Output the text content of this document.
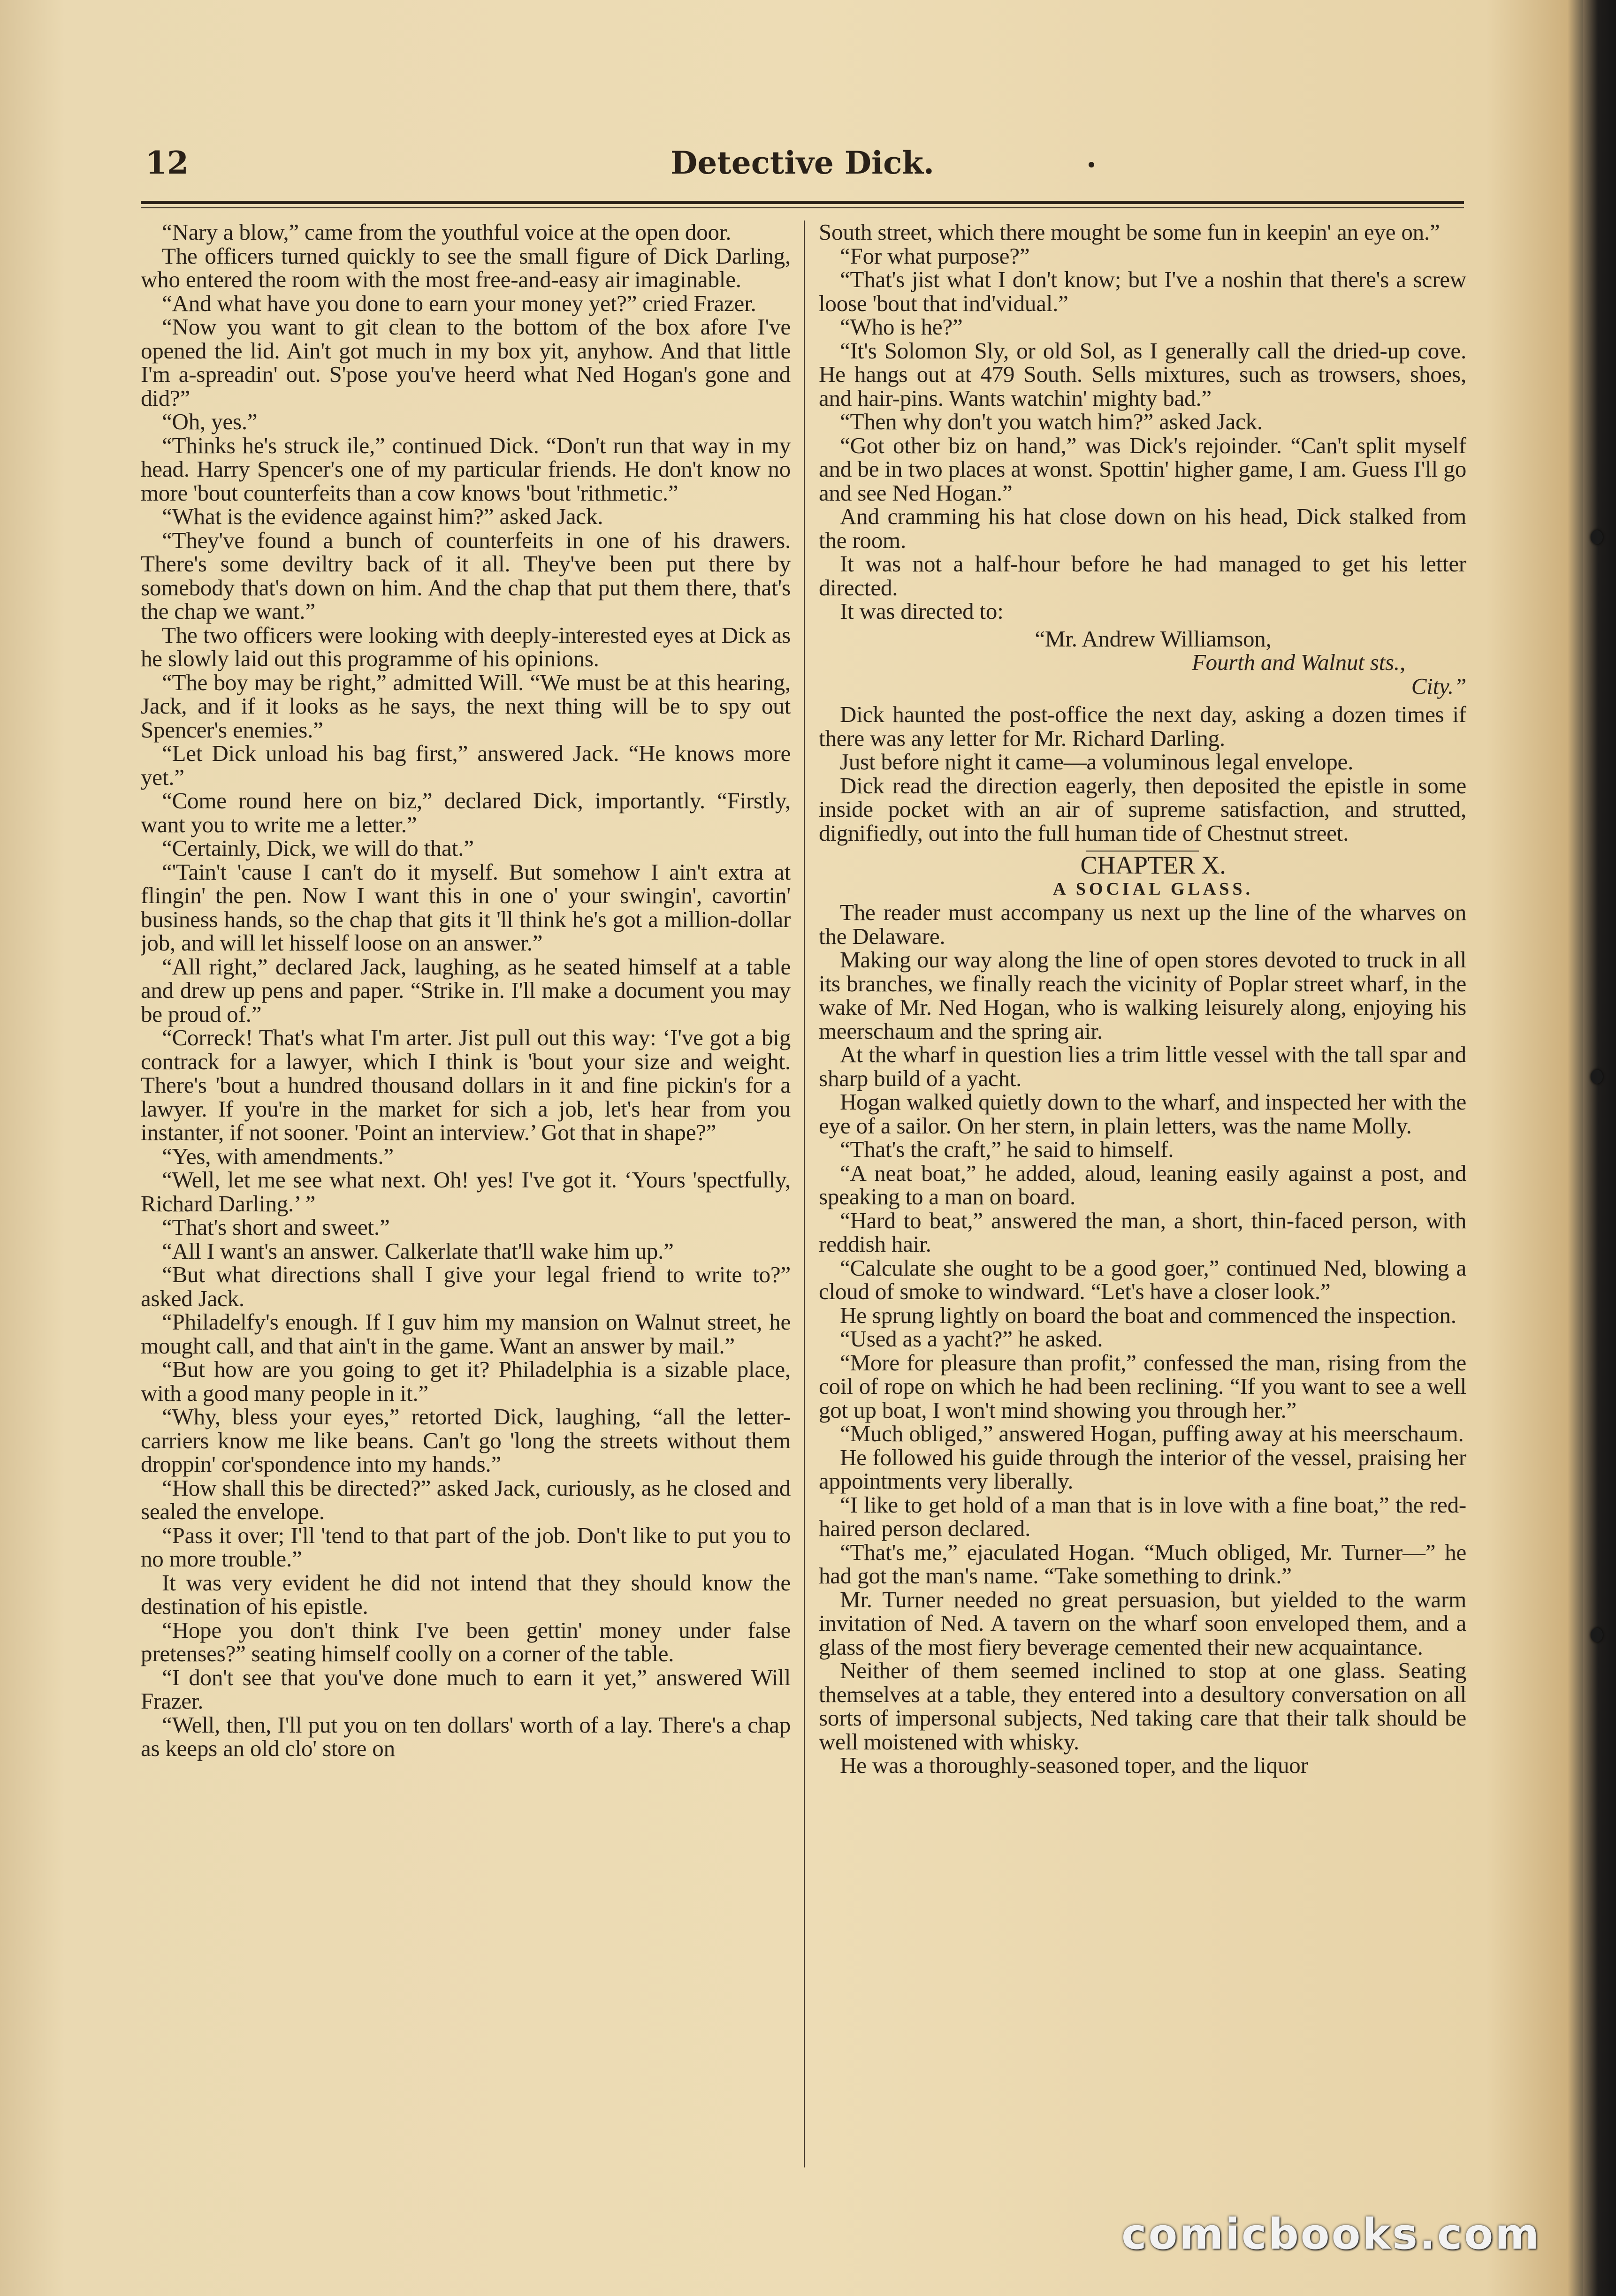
12	Detective Dick.

“Nary a blow,” came from the youthful voice at the open door.

The officers turned quickly to see the small figure of Dick Darling, who entered the room with the most free-and-easy air imaginable.

“And what have you done to earn your money yet?” cried Frazer.

“Now you want to git clean to the bottom of the box afore I've opened the lid. Ain't got much in my box yit, anyhow. And that little I'm a-spreadin' out. S'pose you've heerd what Ned Hogan's gone and did?”

“Oh, yes.”

“Thinks he's struck ile,” continued Dick. “Don't run that way in my head. Harry Spencer's one of my particular friends. He don't know no more 'bout counterfeits than a cow knows 'bout 'rithmetic.”

“What is the evidence against him?” asked Jack.

“They've found a bunch of counterfeits in one of his drawers. There's some deviltry back of it all. They've been put there by somebody that's down on him. And the chap that put them there, that's the chap we want.”

The two officers were looking with deeply-interested eyes at Dick as he slowly laid out this programme of his opinions.

“The boy may be right,” admitted Will. “We must be at this hearing, Jack, and if it looks as he says, the next thing will be to spy out Spencer's enemies.”

“Let Dick unload his bag first,” answered Jack. “He knows more yet.”

“Come round here on biz,” declared Dick, importantly. “Firstly, want you to write me a letter.”

“Certainly, Dick, we will do that.”

“'Tain't 'cause I can't do it myself. But somehow I ain't extra at flingin' the pen. Now I want this in one o' your swingin', cavortin' business hands, so the chap that gits it 'll think he's got a million-dollar job, and will let hisself loose on an answer.”

“All right,” declared Jack, laughing, as he seated himself at a table and drew up pens and paper. “Strike in. I'll make a document you may be proud of.”

“Correck! That's what I'm arter. Jist pull out this way: ‘I've got a big contrack for a lawyer, which I think is 'bout your size and weight. There's 'bout a hundred thousand dollars in it and fine pickin's for a lawyer. If you're in the market for sich a job, let's hear from you instanter, if not sooner. 'Point an interview.’ Got that in shape?”

“Yes, with amendments.”

“Well, let me see what next. Oh! yes! I've got it. ‘Yours 'spectfully, Richard Darling.’ ”

“That's short and sweet.”

“All I want's an answer. Calkerlate that'll wake him up.”

“But what directions shall I give your legal friend to write to?” asked Jack.

“Philadelfy's enough. If I guv him my mansion on Walnut street, he mought call, and that ain't in the game. Want an answer by mail.”

“But how are you going to get it? Philadelphia is a sizable place, with a good many people in it.”

“Why, bless your eyes,” retorted Dick, laughing, “all the letter-carriers know me like beans. Can't go 'long the streets without them droppin' cor'spondence into my hands.”

“How shall this be directed?” asked Jack, curiously, as he closed and sealed the envelope.

“Pass it over; I'll 'tend to that part of the job. Don't like to put you to no more trouble.”

It was very evident he did not intend that they should know the destination of his epistle.

“Hope you don't think I've been gettin' money under false pretenses?” seating himself coolly on a corner of the table.

“I don't see that you've done much to earn it yet,” answered Will Frazer.

“Well, then, I'll put you on ten dollars' worth of a lay. There's a chap as keeps an old clo' store on

South street, which there mought be some fun in keepin' an eye on.”

“For what purpose?”

“That's jist what I don't know; but I've a noshin that there's a screw loose 'bout that ind'vidual.”

“Who is he?”

“It's Solomon Sly, or old Sol, as I generally call the dried-up cove. He hangs out at 479 South. Sells mixtures, such as trowsers, shoes, and hair-pins. Wants watchin' mighty bad.”

“Then why don't you watch him?” asked Jack.

“Got other biz on hand,” was Dick's rejoinder. “Can't split myself and be in two places at wonst. Spottin' higher game, I am. Guess I'll go and see Ned Hogan.”

And cramming his hat close down on his head, Dick stalked from the room.

It was not a half-hour before he had managed to get his letter directed.

It was directed to:

“Mr. Andrew Williamson,

Fourth and Walnut sts.,

City.”

Dick haunted the post-office the next day, asking a dozen times if there was any letter for Mr. Richard Darling.

Just before night it came—a voluminous legal envelope.

Dick read the direction eagerly, then deposited the epistle in some inside pocket with an air of supreme satisfaction, and strutted, dignifiedly, out into the full human tide of Chestnut street.

CHAPTER X.

A SOCIAL GLASS.

The reader must accompany us next up the line of the wharves on the Delaware.

Making our way along the line of open stores devoted to truck in all its branches, we finally reach the vicinity of Poplar street wharf, in the wake of Mr. Ned Hogan, who is walking leisurely along, enjoying his meerschaum and the spring air.

At the wharf in question lies a trim little vessel with the tall spar and sharp build of a yacht.

Hogan walked quietly down to the wharf, and inspected her with the eye of a sailor. On her stern, in plain letters, was the name Molly.

“That's the craft,” he said to himself.

“A neat boat,” he added, aloud, leaning easily against a post, and speaking to a man on board.

“Hard to beat,” answered the man, a short, thin-faced person, with reddish hair.

“Calculate she ought to be a good goer,” continued Ned, blowing a cloud of smoke to windward. “Let's have a closer look.”

He sprung lightly on board the boat and commenced the inspection.

“Used as a yacht?” he asked.

“More for pleasure than profit,” confessed the man, rising from the coil of rope on which he had been reclining. “If you want to see a well got up boat, I won't mind showing you through her.”

“Much obliged,” answered Hogan, puffing away at his meerschaum.

He followed his guide through the interior of the vessel, praising her appointments very liberally.

“I like to get hold of a man that is in love with a fine boat,” the red-haired person declared.

“That's me,” ejaculated Hogan. “Much obliged, Mr. Turner—” he had got the man's name. “Take something to drink.”

Mr. Turner needed no great persuasion, but yielded to the warm invitation of Ned. A tavern on the wharf soon enveloped them, and a glass of the most fiery beverage cemented their new acquaintance.

Neither of them seemed inclined to stop at one glass. Seating themselves at a table, they entered into a desultory conversation on all sorts of impersonal subjects, Ned taking care that their talk should be well moistened with whisky.

He was a thoroughly-seasoned toper, and the liquor

comicbooks.com
